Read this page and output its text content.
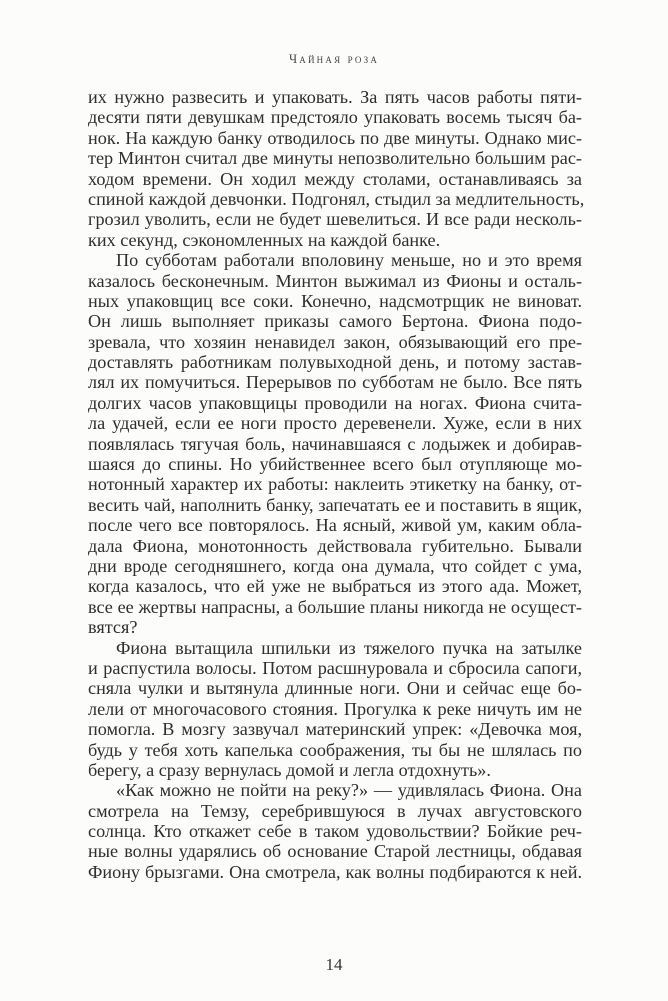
Чайная роза
их нужно развесить и упаковать. За пять часов работы пяти-
десяти пяти девушкам предстояло упаковать восемь тысяч ба-
нок. На каждую банку отводилось по две минуты. Однако мис-
тер Минтон считал две минуты непозволительно большим рас-
ходом времени. Он ходил между столами, останавливаясь за
спиной каждой девчонки. Подгонял, стыдил за медлительность,
грозил уволить, если не будет шевелиться. И все ради несколь-
ких секунд, сэкономленных на каждой банке.
По субботам работали вполовину меньше, но и это время
казалось бесконечным. Минтон выжимал из Фионы и осталь-
ных упаковщиц все соки. Конечно, надсмотрщик не виноват.
Он лишь выполняет приказы самого Бертона. Фиона подо-
зревала, что хозяин ненавидел закон, обязывающий его пре-
доставлять работникам полувыходной день, и потому застав-
лял их помучиться. Перерывов по субботам не было. Все пять
долгих часов упаковщицы проводили на ногах. Фиона счита-
ла удачей, если ее ноги просто деревенели. Хуже, если в них
появлялась тягучая боль, начинавшаяся с лодыжек и добирав-
шаяся до спины. Но убийственнее всего был отупляюще мо-
нотонный характер их работы: наклеить этикетку на банку, от-
весить чай, наполнить банку, запечатать ее и поставить в ящик,
после чего все повторялось. На ясный, живой ум, каким обла-
дала Фиона, монотонность действовала губительно. Бывали
дни вроде сегодняшнего, когда она думала, что сойдет с ума,
когда казалось, что ей уже не выбраться из этого ада. Может,
все ее жертвы напрасны, а большие планы никогда не осущест-
вятся?
Фиона вытащила шпильки из тяжелого пучка на затылке
и распустила волосы. Потом расшнуровала и сбросила сапоги,
сняла чулки и вытянула длинные ноги. Они и сейчас еще бо-
лели от многочасового стояния. Прогулка к реке ничуть им не
помогла. В мозгу зазвучал материнский упрек: «Девочка моя,
будь у тебя хоть капелька соображения, ты бы не шлялась по
берегу, а сразу вернулась домой и легла отдохнуть».
«Как можно не пойти на реку?» — удивлялась Фиона. Она
смотрела на Темзу, серебрившуюся в лучах августовского
солнца. Кто откажет себе в таком удовольствии? Бойкие реч-
ные волны ударялись об основание Старой лестницы, обдавая
Фиону брызгами. Она смотрела, как волны подбираются к ней.
14
